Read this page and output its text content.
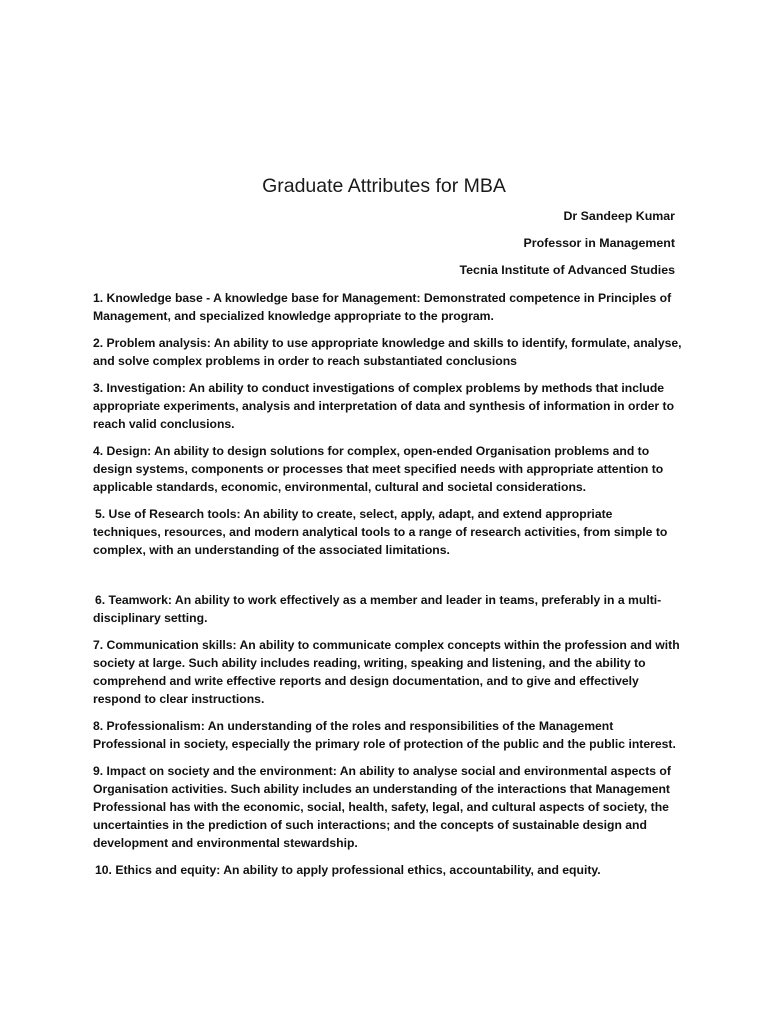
Graduate Attributes for MBA
Dr Sandeep Kumar
Professor in Management
Tecnia Institute of Advanced Studies

1. Knowledge base - A knowledge base for Management: Demonstrated competence in Principles of Management, and specialized knowledge appropriate to the program.

2. Problem analysis: An ability to use appropriate knowledge and skills to identify, formulate, analyse, and solve complex problems in order to reach substantiated conclusions

3. Investigation: An ability to conduct investigations of complex problems by methods that include appropriate experiments, analysis and interpretation of data and synthesis of information in order to reach valid conclusions.

4. Design: An ability to design solutions for complex, open-ended Organisation problems and to design systems, components or processes that meet specified needs with appropriate attention to applicable standards, economic, environmental, cultural and societal considerations.

5. Use of Research tools: An ability to create, select, apply, adapt, and extend appropriate techniques, resources, and modern analytical tools to a range of research activities, from simple to complex, with an understanding of the associated limitations.

6. Teamwork: An ability to work effectively as a member and leader in teams, preferably in a multi-disciplinary setting.

7. Communication skills: An ability to communicate complex concepts within the profession and with society at large. Such ability includes reading, writing, speaking and listening, and the ability to comprehend and write effective reports and design documentation, and to give and effectively respond to clear instructions.

8. Professionalism: An understanding of the roles and responsibilities of the Management Professional in society, especially the primary role of protection of the public and the public interest.

9. Impact on society and the environment: An ability to analyse social and environmental aspects of Organisation activities. Such ability includes an understanding of the interactions that Management Professional has with the economic, social, health, safety, legal, and cultural aspects of society, the uncertainties in the prediction of such interactions; and the concepts of sustainable design and development and environmental stewardship.

10. Ethics and equity: An ability to apply professional ethics, accountability, and equity.
